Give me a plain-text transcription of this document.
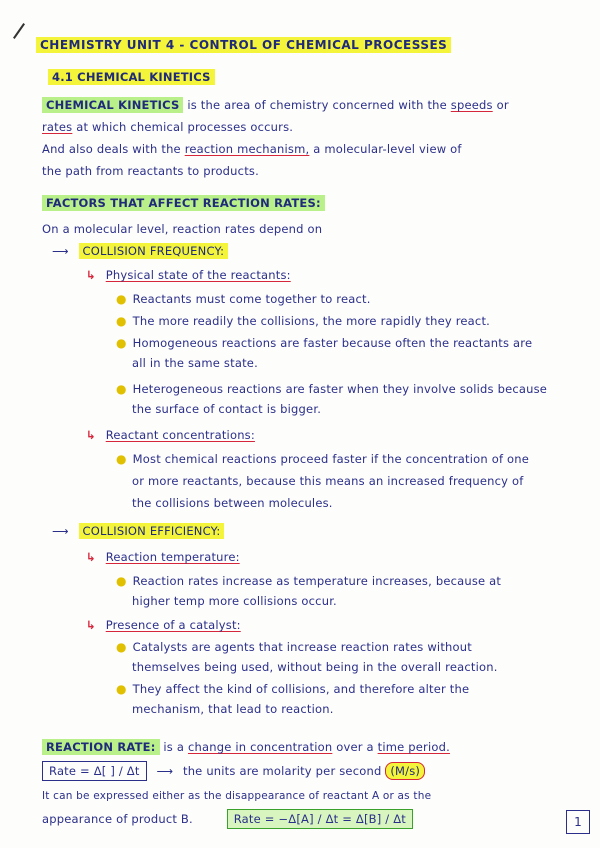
CHEMISTRY UNIT 4 - CONTROL OF CHEMICAL PROCESSES
4.1 CHEMICAL KINETICS
CHEMICAL KINETICS is the area of chemistry concerned with the speeds or
rates at which chemical processes occurs.
And also deals with the reaction mechanism, a molecular-level view of
the path from reactants to products.
FACTORS THAT AFFECT REACTION RATES:
On a molecular level, reaction rates depend on
⟶ COLLISION FREQUENCY:
↳ Physical state of the reactants:
● Reactants must come together to react.
● The more readily the collisions, the more rapidly they react.
● Homogeneous reactions are faster because often the reactants are
all in the same state.
● Heterogeneous reactions are faster when they involve solids because
the surface of contact is bigger.
↳ Reactant concentrations:
● Most chemical reactions proceed faster if the concentration of one
or more reactants, because this means an increased frequency of
the collisions between molecules.
⟶ COLLISION EFFICIENCY:
↳ Reaction temperature:
● Reaction rates increase as temperature increases, because at
higher temp more collisions occur.
↳ Presence of a catalyst:
● Catalysts are agents that increase reaction rates without
themselves being used, without being in the overall reaction.
● They affect the kind of collisions, and therefore alter the
mechanism, that lead to reaction.
REACTION RATE: is a change in concentration over a time period.
Rate = Δ[ ] / Δt ⟶ the units are molarity per second (M/s)
It can be expressed either as the disappearance of reactant A or as the
appearance of product B.	Rate = −Δ[A] / Δt = Δ[B] / Δt	1
